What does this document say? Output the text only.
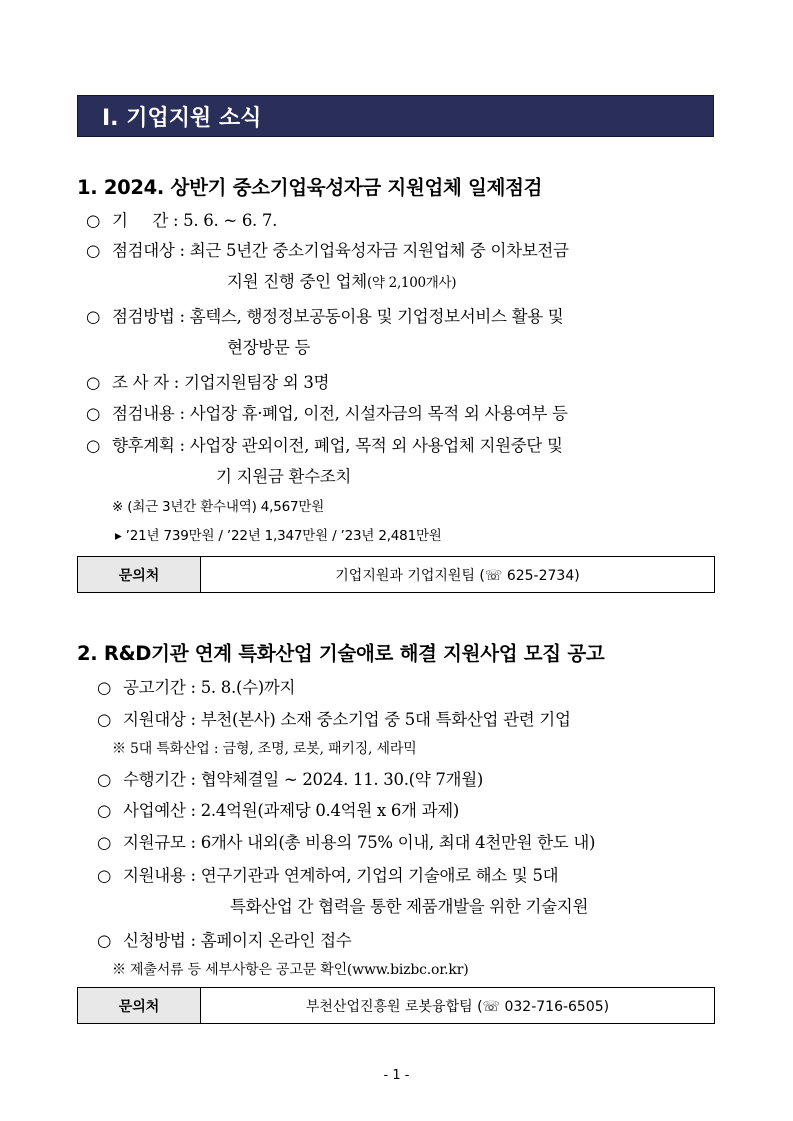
Ⅰ. 기업지원 소식
1. 2024. 상반기 중소기업육성자금 지원업체 일제점검
○ 기     간 : 5. 6. ~ 6. 7.
○ 점검대상 : 최근 5년간 중소기업육성자금 지원업체 중 이차보전금
지원 진행 중인 업체(약 2,100개사)
○ 점검방법 : 홈텍스, 행정정보공동이용 및 기업정보서비스 활용 및
현장방문 등
○ 조 사 자 : 기업지원팀장 외 3명
○ 점검내용 : 사업장 휴·폐업, 이전, 시설자금의 목적 외 사용여부 등
○ 향후계획 : 사업장 관외이전, 폐업, 목적 외 사용업체 지원중단 및
기 지원금 환수조치
※ (최근 3년간 환수내역) 4,567만원
▸ ’21년 739만원 / ’22년 1,347만원 / ’23년 2,481만원
문의처	기업지원과 기업지원팀 (☏ 625-2734)
2. R&D기관 연계 특화산업 기술애로 해결 지원사업 모집 공고
○ 공고기간 : 5. 8.(수)까지
○ 지원대상 : 부천(본사) 소재 중소기업 중 5대 특화산업 관련 기업
※ 5대 특화산업 : 금형, 조명, 로봇, 패키징, 세라믹
○ 수행기간 : 협약체결일 ~ 2024. 11. 30.(약 7개월)
○ 사업예산 : 2.4억원(과제당 0.4억원 x 6개 과제)
○ 지원규모 : 6개사 내외(총 비용의 75% 이내, 최대 4천만원 한도 내)
○ 지원내용 : 연구기관과 연계하여, 기업의 기술애로 해소 및 5대
특화산업 간 협력을 통한 제품개발을 위한 기술지원
○ 신청방법 : 홈페이지 온라인 접수
※ 제출서류 등 세부사항은 공고문 확인(www.bizbc.or.kr)
문의처	부천산업진흥원 로봇융합팀 (☏ 032-716-6505)
- 1 -
